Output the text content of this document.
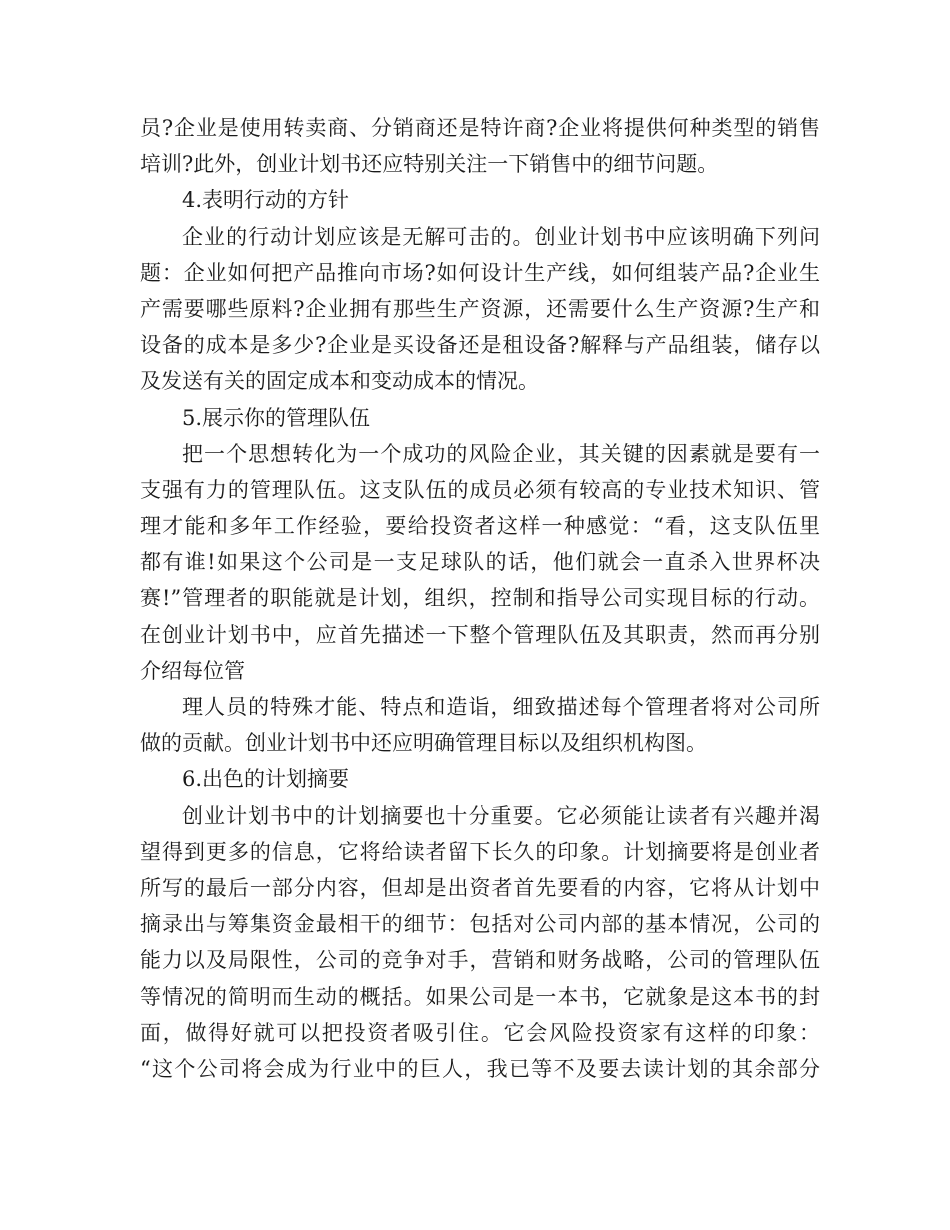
员?企业是使用转卖商、分销商还是特许商?企业将提供何种类型的销售
培训?此外，创业计划书还应特别关注一下销售中的细节问题。
4.表明行动的方针
企业的行动计划应该是无解可击的。创业计划书中应该明确下列问
题：企业如何把产品推向市场?如何设计生产线，如何组装产品?企业生
产需要哪些原料?企业拥有那些生产资源，还需要什么生产资源?生产和
设备的成本是多少?企业是买设备还是租设备?解释与产品组装，储存以
及发送有关的固定成本和变动成本的情况。
5.展示你的管理队伍
把一个思想转化为一个成功的风险企业，其关键的因素就是要有一
支强有力的管理队伍。这支队伍的成员必须有较高的专业技术知识、管
理才能和多年工作经验，要给投资者这样一种感觉：“看，这支队伍里
都有谁!如果这个公司是一支足球队的话，他们就会一直杀入世界杯决
赛!”管理者的职能就是计划，组织，控制和指导公司实现目标的行动。
在创业计划书中，应首先描述一下整个管理队伍及其职责，然而再分别
介绍每位管
理人员的特殊才能、特点和造诣，细致描述每个管理者将对公司所
做的贡献。创业计划书中还应明确管理目标以及组织机构图。
6.出色的计划摘要
创业计划书中的计划摘要也十分重要。它必须能让读者有兴趣并渴
望得到更多的信息，它将给读者留下长久的印象。计划摘要将是创业者
所写的最后一部分内容，但却是出资者首先要看的内容，它将从计划中
摘录出与筹集资金最相干的细节：包括对公司内部的基本情况，公司的
能力以及局限性，公司的竞争对手，营销和财务战略，公司的管理队伍
等情况的简明而生动的概括。如果公司是一本书，它就象是这本书的封
面，做得好就可以把投资者吸引住。它会风险投资家有这样的印象：
“这个公司将会成为行业中的巨人，我已等不及要去读计划的其余部分
